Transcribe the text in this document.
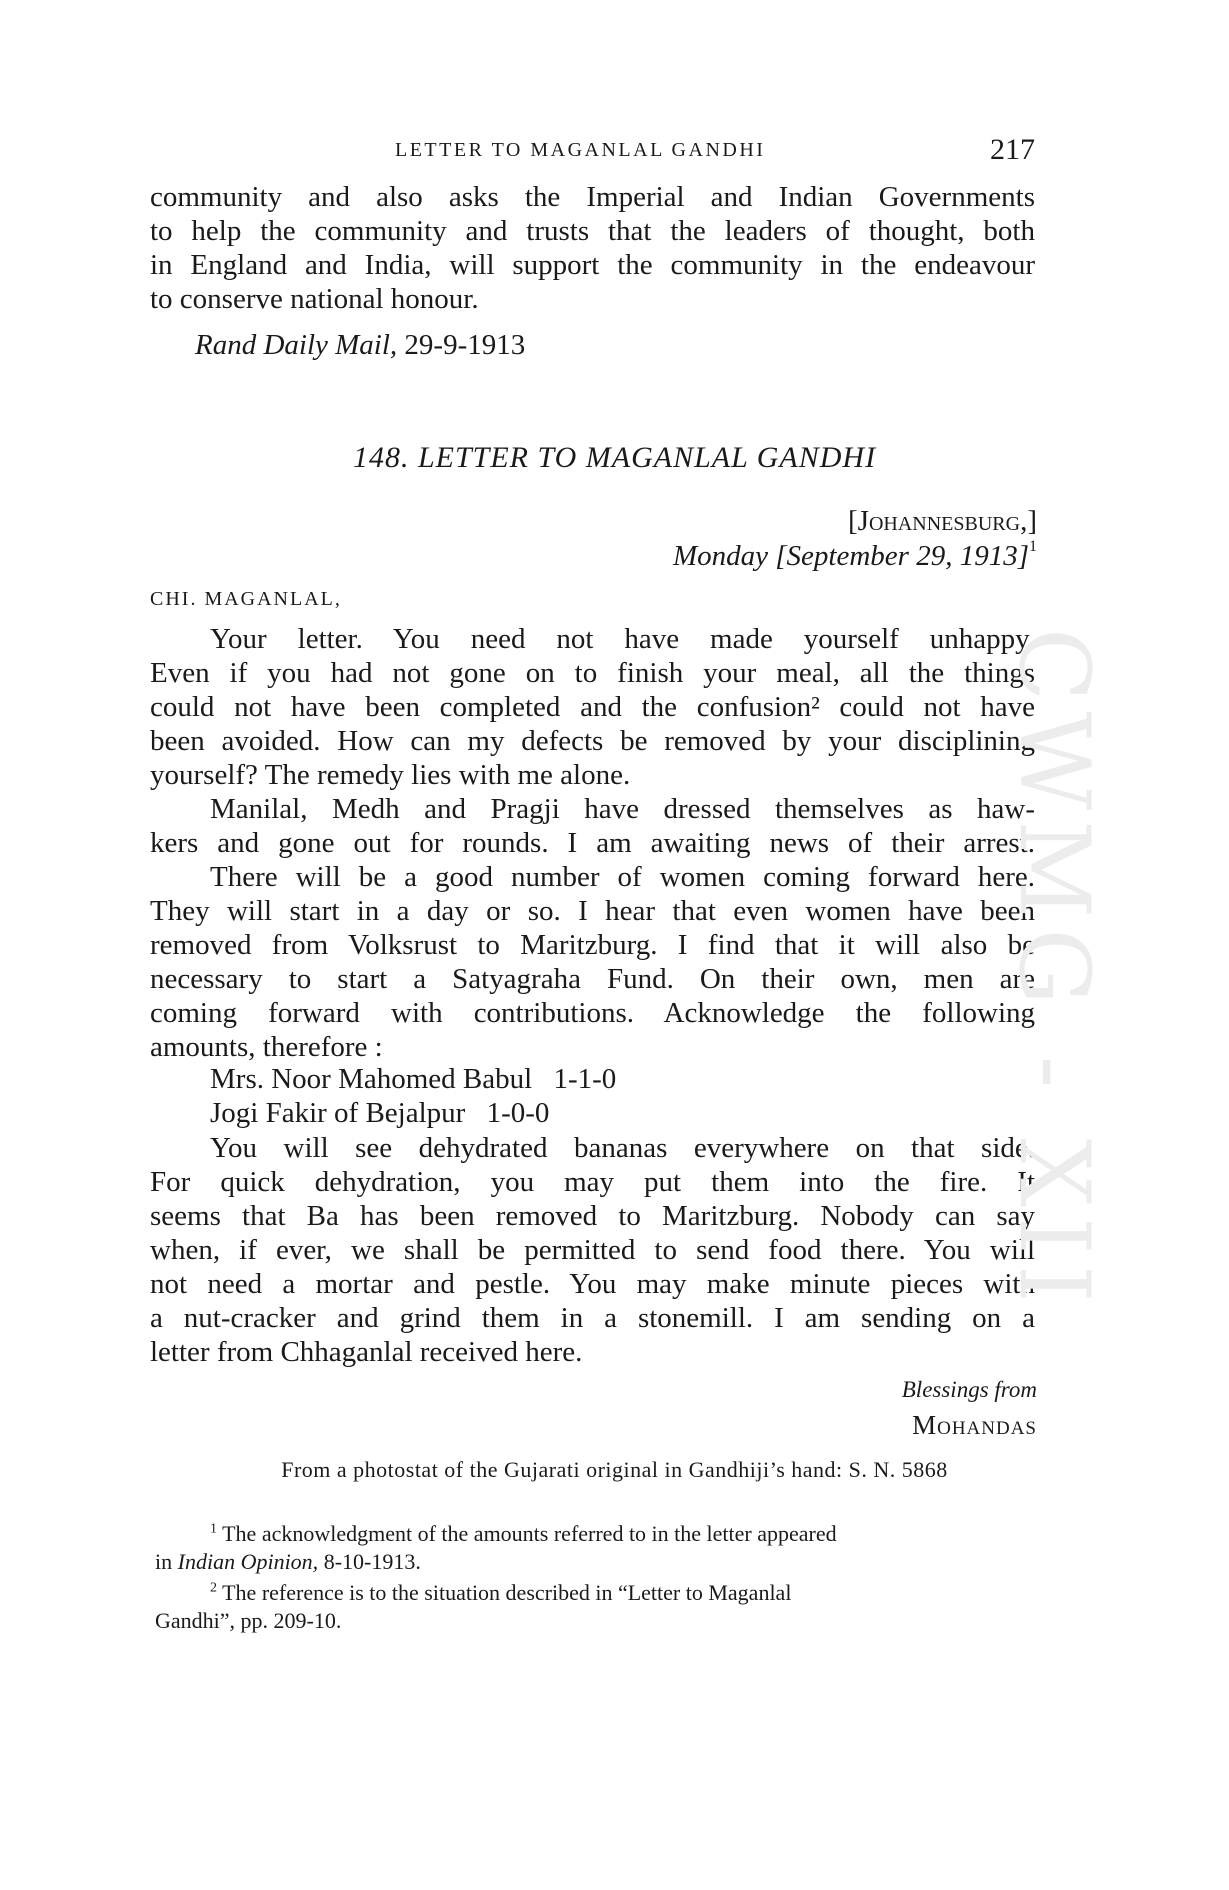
LETTER TO MAGANLAL GANDHI	217
community and also asks the Imperial and Indian Governments
to help the community and trusts that the leaders of thought, both
in England and India, will support the community in the endeavour
to conserve national honour.
Rand Daily Mail, 29-9-1913
148. LETTER TO MAGANLAL GANDHI
[Johannesburg,]
Monday [September 29, 1913]$^1$
CHI. MAGANLAL,
Your letter. You need not have made yourself unhappy.
Even if you had not gone on to finish your meal, all the things
could not have been completed and the confusion² could not have
been avoided. How can my defects be removed by your disciplining
yourself? The remedy lies with me alone.
Manilal, Medh and Pragji have dressed themselves as haw-
kers and gone out for rounds. I am awaiting news of their arrest.
There will be a good number of women coming forward here.
They will start in a day or so. I hear that even women have been
removed from Volksrust to Maritzburg. I find that it will also be
necessary to start a Satyagraha Fund. On their own, men are
coming forward with contributions. Acknowledge the following
amounts, therefore :
Mrs. Noor Mahomed Babul 1-1-0
Jogi Fakir of Bejalpur 1-0-0
You will see dehydrated bananas everywhere on that side.
For quick dehydration, you may put them into the fire. It
seems that Ba has been removed to Maritzburg. Nobody can say
when, if ever, we shall be permitted to send food there. You will
not need a mortar and pestle. You may make minute pieces with
a nut-cracker and grind them in a stonemill. I am sending on a
letter from Chhaganlal received here.
Blessings from
Mohandas
From a photostat of the Gujarati original in Gandhiji’s hand: S. N. 5868
$^1$ The acknowledgment of the amounts referred to in the letter appeared
in Indian Opinion, 8-10-1913.
$^2$ The reference is to the situation described in “Letter to Maganlal
Gandhi”, pp. 209-10.
CWMG - XII
